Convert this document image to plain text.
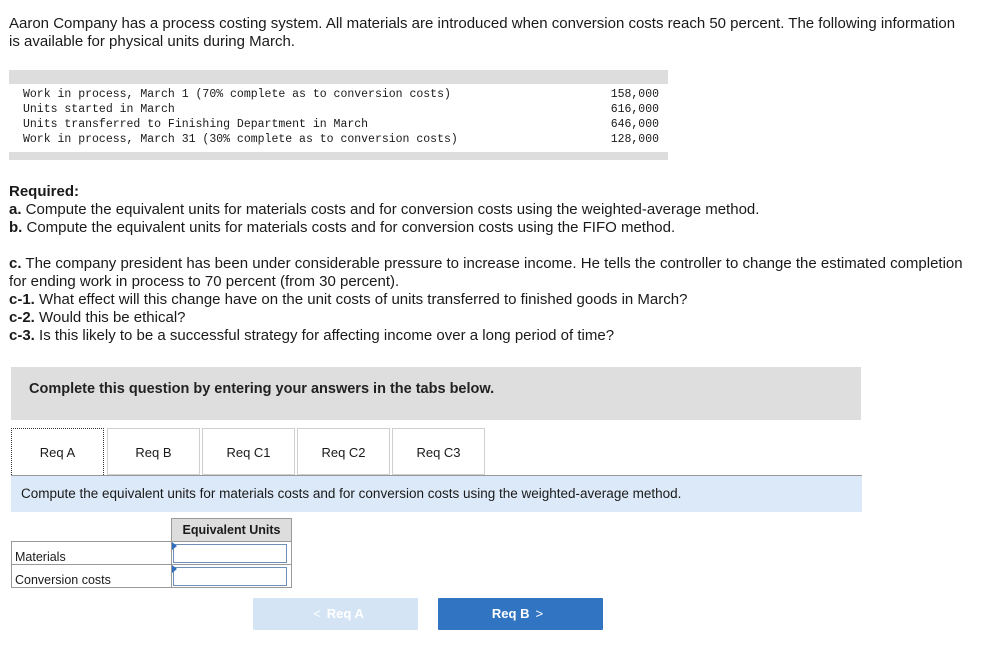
Aaron Company has a process costing system. All materials are introduced when conversion costs reach 50 percent. The following information is available for physical units during March.
Work in process, March 1 (70% complete as to conversion costs)	158,000
Units started in March	616,000
Units transferred to Finishing Department in March	646,000
Work in process, March 31 (30% complete as to conversion costs)	128,000
Required:
a. Compute the equivalent units for materials costs and for conversion costs using the weighted-average method.
b. Compute the equivalent units for materials costs and for conversion costs using the FIFO method.
c. The company president has been under considerable pressure to increase income. He tells the controller to change the estimated completion for ending work in process to 70 percent (from 30 percent).
c-1. What effect will this change have on the unit costs of units transferred to finished goods in March?
c-2. Would this be ethical?
c-3. Is this likely to be a successful strategy for affecting income over a long period of time?
Complete this question by entering your answers in the tabs below.
Req A	Req B	Req C1	Req C2	Req C3
Compute the equivalent units for materials costs and for conversion costs using the weighted-average method.
	Equivalent Units
Materials	

Conversion costs	
< Req A	Req B >
